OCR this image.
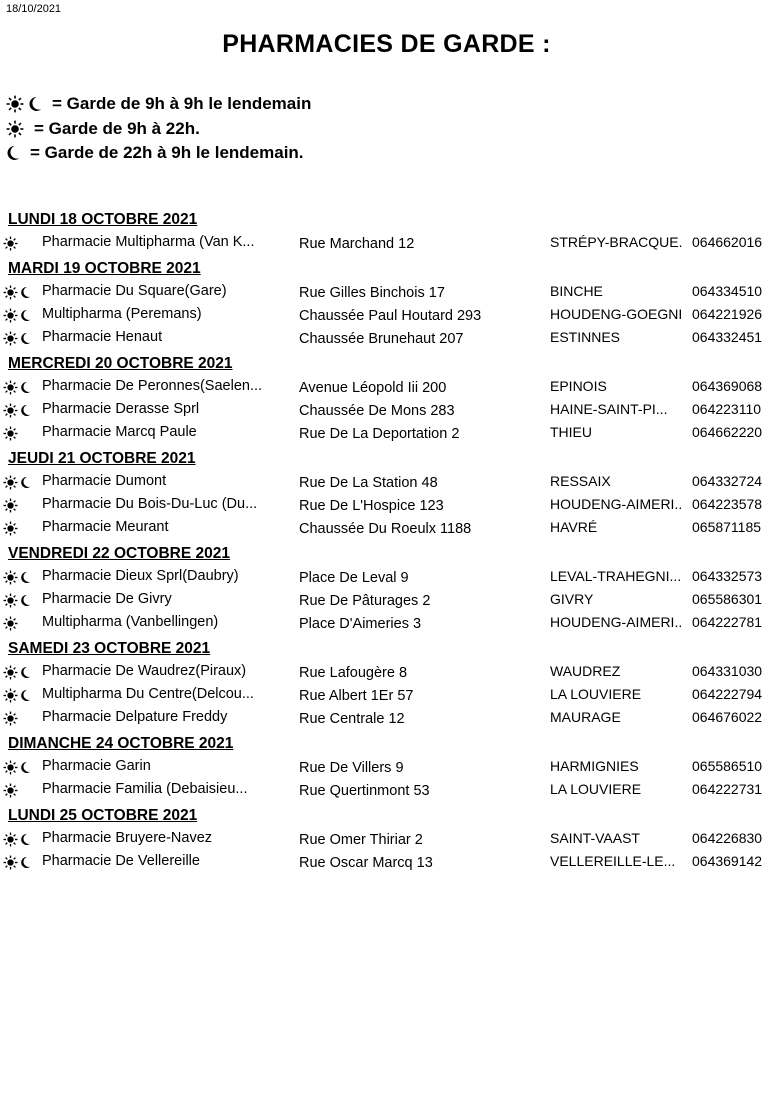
18/10/2021
PHARMACIES DE GARDE :
= Garde de 9h à 9h le lendemain
= Garde de 9h à 22h.
= Garde de 22h à 9h le lendemain.
LUNDI 18 OCTOBRE 2021
Pharmacie Multipharma (Van K...	Rue Marchand 12	STRÉPY-BRACQUE. 064662016
MARDI 19 OCTOBRE 2021
Pharmacie Du Square(Gare)	Rue Gilles Binchois 17	BINCHE	064334510
Multipharma (Peremans)	Chaussée Paul Houtard 293	HOUDENG-GOEGNI 064221926
Pharmacie Henaut	Chaussée Brunehaut 207	ESTINNES	064332451
MERCREDI 20 OCTOBRE 2021
Pharmacie De Peronnes(Saelen...	Avenue Léopold Iii 200	EPINOIS	064369068
Pharmacie Derasse Sprl	Chaussée De Mons 283	HAINE-SAINT-PI... 064223110
Pharmacie Marcq Paule	Rue De La Deportation 2	THIEU	064662220
JEUDI 21 OCTOBRE 2021
Pharmacie Dumont	Rue De La Station 48	RESSAIX	064332724
Pharmacie Du Bois-Du-Luc (Du...	Rue De L'Hospice 123	HOUDENG-AIMERI.. 064223578
Pharmacie Meurant	Chaussée Du Roeulx 1188	HAVRÉ	065871185
VENDREDI 22 OCTOBRE 2021
Pharmacie Dieux Sprl(Daubry)	Place De Leval 9	LEVAL-TRAHEGNI... 064332573
Pharmacie De Givry	Rue De Pâturages 2	GIVRY	065586301
Multipharma (Vanbellingen)	Place D'Aimeries 3	HOUDENG-AIMERI.. 064222781
SAMEDI 23 OCTOBRE 2021
Pharmacie De Waudrez(Piraux)	Rue Lafougère 8	WAUDREZ	064331030
Multipharma Du Centre(Delcou...	Rue Albert 1Er 57	LA LOUVIERE	064222794
Pharmacie Delpature Freddy	Rue Centrale 12	MAURAGE	064676022
DIMANCHE 24 OCTOBRE 2021
Pharmacie Garin	Rue De Villers 9	HARMIGNIES	065586510
Pharmacie Familia (Debaisieu...	Rue Quertinmont 53	LA LOUVIERE	064222731
LUNDI 25 OCTOBRE 2021
Pharmacie Bruyere-Navez	Rue Omer Thiriar 2	SAINT-VAAST	064226830
Pharmacie De Vellereille	Rue Oscar Marcq 13	VELLEREILLE-LE... 064369142
